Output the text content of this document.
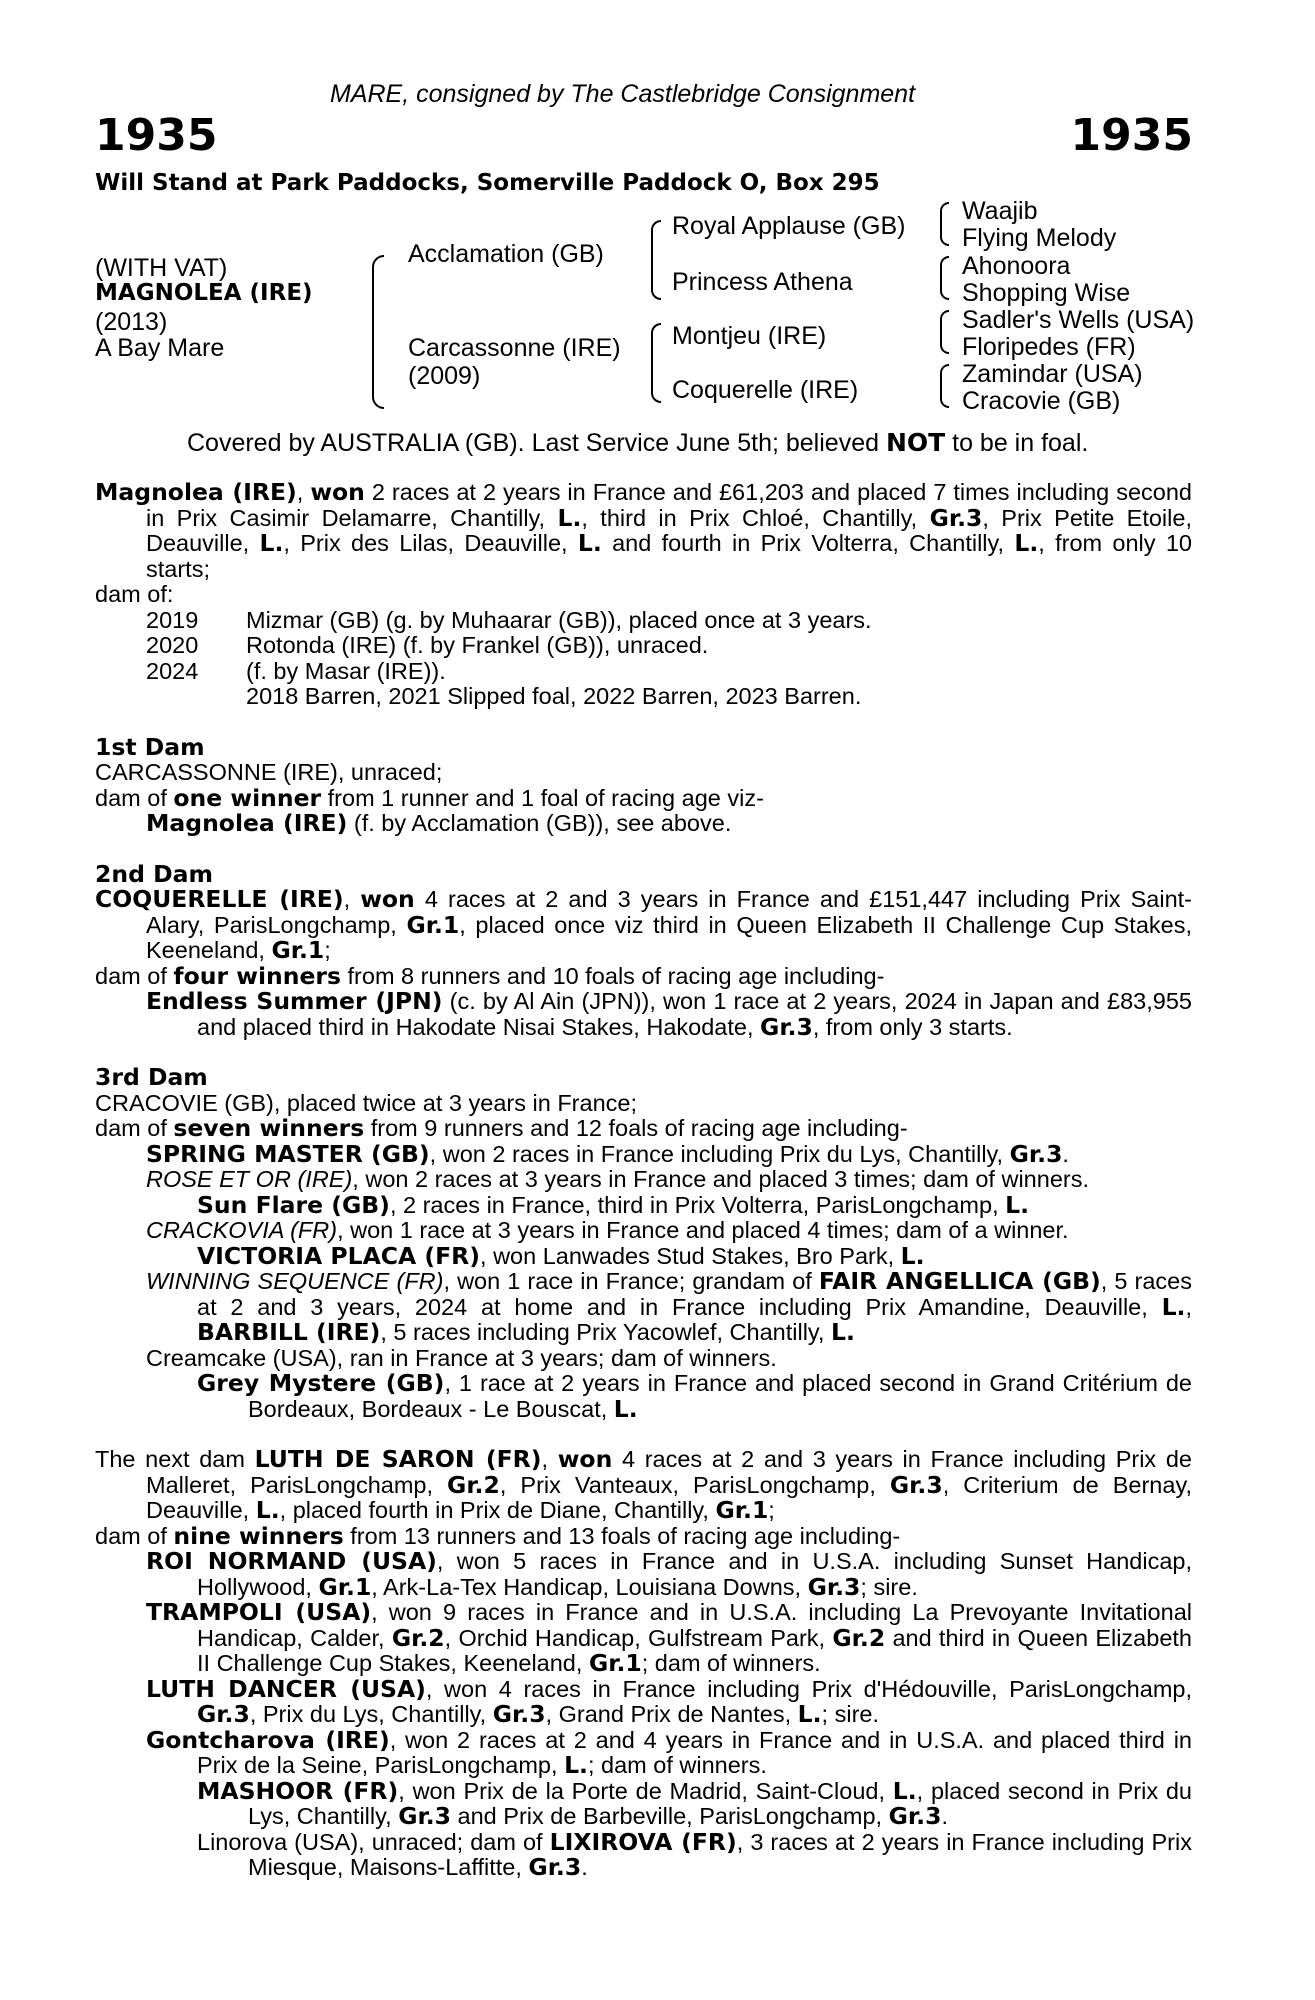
MARE, consigned by The Castlebridge Consignment
1935	1935
Will Stand at Park Paddocks, Somerville Paddock O, Box 295
(WITH VAT)
MAGNOLEA (IRE)
(2013)
A Bay Mare
Acclamation (GB)
Carcassonne (IRE)
(2009)
Royal Applause (GB)
Princess Athena
Montjeu (IRE)
Coquerelle (IRE)
Waajib
Flying Melody
Ahonoora
Shopping Wise
Sadler's Wells (USA)
Floripedes (FR)
Zamindar (USA)
Cracovie (GB)
Covered by AUSTRALIA (GB). Last Service June 5th; believed NOT to be in foal.
Magnolea (IRE), won 2 races at 2 years in France and £61,203 and placed 7 times including second in Prix Casimir Delamarre, Chantilly, L., third in Prix Chloé, Chantilly, Gr.3, Prix Petite Etoile, Deauville, L., Prix des Lilas, Deauville, L. and fourth in Prix Volterra, Chantilly, L., from only 10 starts;
dam of:
2019	Mizmar (GB) (g. by Muhaarar (GB)), placed once at 3 years.
2020	Rotonda (IRE) (f. by Frankel (GB)), unraced.
2024	(f. by Masar (IRE)).
	2018 Barren, 2021 Slipped foal, 2022 Barren, 2023 Barren.
1st Dam
CARCASSONNE (IRE), unraced;
dam of one winner from 1 runner and 1 foal of racing age viz-
Magnolea (IRE) (f. by Acclamation (GB)), see above.
2nd Dam
COQUERELLE (IRE), won 4 races at 2 and 3 years in France and £151,447 including Prix Saint-Alary, ParisLongchamp, Gr.1, placed once viz third in Queen Elizabeth II Challenge Cup Stakes, Keeneland, Gr.1;
dam of four winners from 8 runners and 10 foals of racing age including-
Endless Summer (JPN) (c. by Al Ain (JPN)), won 1 race at 2 years, 2024 in Japan and £83,955 and placed third in Hakodate Nisai Stakes, Hakodate, Gr.3, from only 3 starts.
3rd Dam
CRACOVIE (GB), placed twice at 3 years in France;
dam of seven winners from 9 runners and 12 foals of racing age including-
SPRING MASTER (GB), won 2 races in France including Prix du Lys, Chantilly, Gr.3.
ROSE ET OR (IRE), won 2 races at 3 years in France and placed 3 times; dam of winners.
Sun Flare (GB), 2 races in France, third in Prix Volterra, ParisLongchamp, L.
CRACKOVIA (FR), won 1 race at 3 years in France and placed 4 times; dam of a winner.
VICTORIA PLACA (FR), won Lanwades Stud Stakes, Bro Park, L.
WINNING SEQUENCE (FR), won 1 race in France; grandam of FAIR ANGELLICA (GB), 5 races at 2 and 3 years, 2024 at home and in France including Prix Amandine, Deauville, L., BARBILL (IRE), 5 races including Prix Yacowlef, Chantilly, L.
Creamcake (USA), ran in France at 3 years; dam of winners.
Grey Mystere (GB), 1 race at 2 years in France and placed second in Grand Critérium de Bordeaux, Bordeaux - Le Bouscat, L.
The next dam LUTH DE SARON (FR), won 4 races at 2 and 3 years in France including Prix de Malleret, ParisLongchamp, Gr.2, Prix Vanteaux, ParisLongchamp, Gr.3, Criterium de Bernay, Deauville, L., placed fourth in Prix de Diane, Chantilly, Gr.1;
dam of nine winners from 13 runners and 13 foals of racing age including-
ROI NORMAND (USA), won 5 races in France and in U.S.A. including Sunset Handicap, Hollywood, Gr.1, Ark-La-Tex Handicap, Louisiana Downs, Gr.3; sire.
TRAMPOLI (USA), won 9 races in France and in U.S.A. including La Prevoyante Invitational Handicap, Calder, Gr.2, Orchid Handicap, Gulfstream Park, Gr.2 and third in Queen Elizabeth II Challenge Cup Stakes, Keeneland, Gr.1; dam of winners.
LUTH DANCER (USA), won 4 races in France including Prix d'Hédouville, ParisLongchamp, Gr.3, Prix du Lys, Chantilly, Gr.3, Grand Prix de Nantes, L.; sire.
Gontcharova (IRE), won 2 races at 2 and 4 years in France and in U.S.A. and placed third in Prix de la Seine, ParisLongchamp, L.; dam of winners.
MASHOOR (FR), won Prix de la Porte de Madrid, Saint-Cloud, L., placed second in Prix du Lys, Chantilly, Gr.3 and Prix de Barbeville, ParisLongchamp, Gr.3.
Linorova (USA), unraced; dam of LIXIROVA (FR), 3 races at 2 years in France including Prix Miesque, Maisons-Laffitte, Gr.3.
